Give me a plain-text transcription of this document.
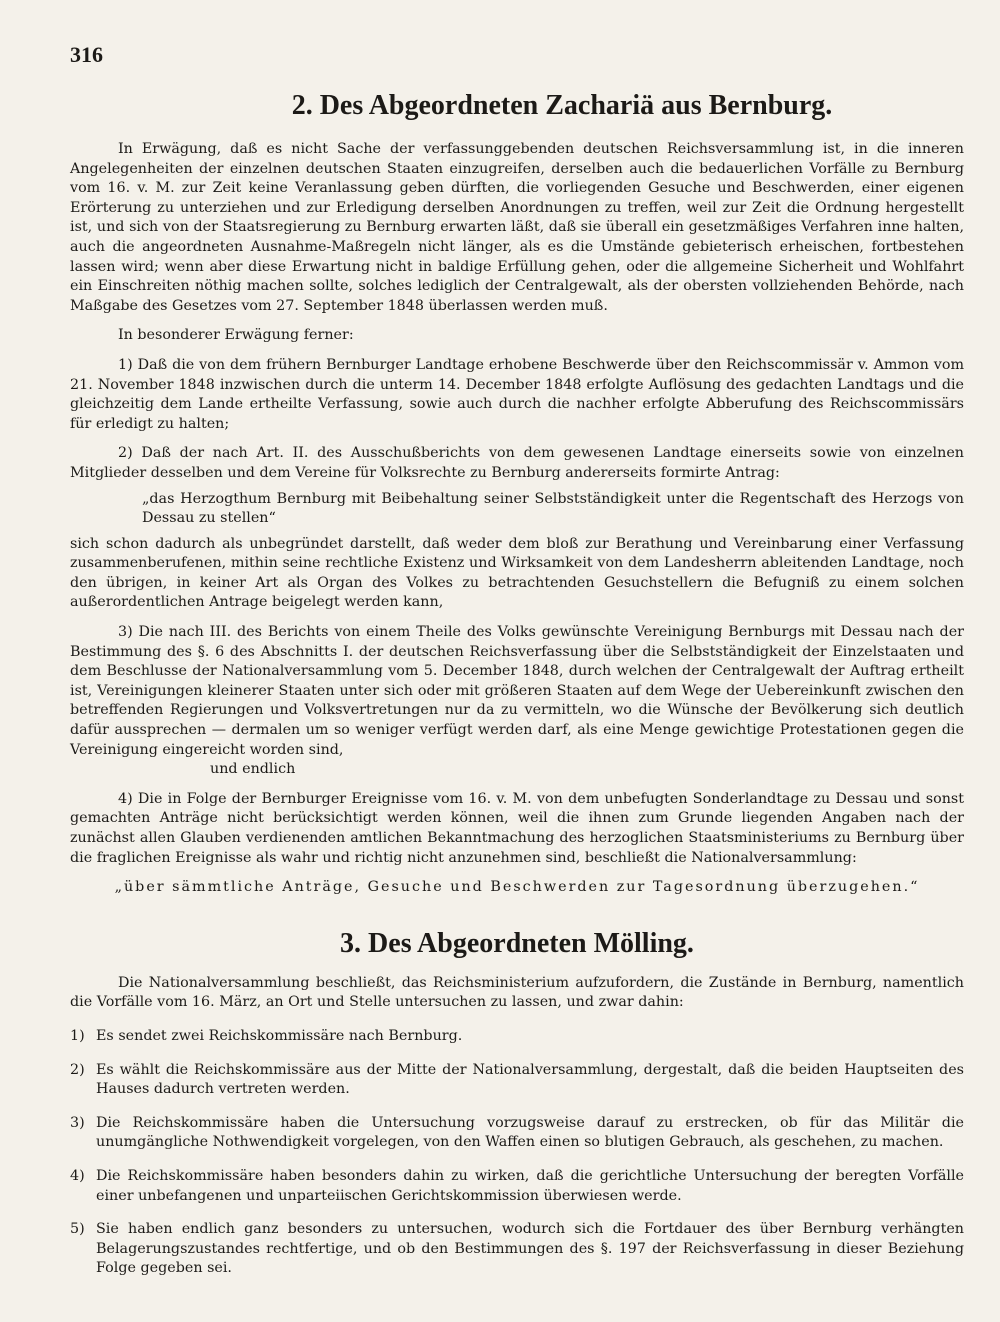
316
2. Des Abgeordneten Zachariä aus Bernburg.

In Erwägung, daß es nicht Sache der verfassunggebenden deutschen Reichsversammlung ist, in die inneren Angelegenheiten der einzelnen deutschen Staaten einzugreifen, derselben auch die bedauerlichen Vorfälle zu Bernburg vom 16. v. M. zur Zeit keine Veranlassung geben dürften, die vorliegenden Gesuche und Beschwerden, einer eigenen Erörterung zu unterziehen und zur Erledigung derselben Anordnungen zu treffen, weil zur Zeit die Ordnung hergestellt ist, und sich von der Staatsregierung zu Bernburg erwarten läßt, daß sie überall ein gesetzmäßiges Verfahren inne halten, auch die angeordneten Ausnahme-Maßregeln nicht länger, als es die Umstände gebieterisch erheischen, fortbestehen lassen wird; wenn aber diese Erwartung nicht in baldige Erfüllung gehen, oder die allgemeine Sicherheit und Wohlfahrt ein Einschreiten nöthig machen sollte, solches lediglich der Centralgewalt, als der obersten vollziehenden Behörde, nach Maßgabe des Gesetzes vom 27. September 1848 überlassen werden muß.

In besonderer Erwägung ferner:

1) Daß die von dem frühern Bernburger Landtage erhobene Beschwerde über den Reichscommissär v. Ammon vom 21. November 1848 inzwischen durch die unterm 14. December 1848 erfolgte Auflösung des gedachten Landtags und die gleichzeitig dem Lande ertheilte Verfassung, sowie auch durch die nachher erfolgte Abberufung des Reichscommissärs für erledigt zu halten;

2) Daß der nach Art. II. des Ausschußberichts von dem gewesenen Landtage einerseits sowie von einzelnen Mitglieder desselben und dem Vereine für Volksrechte zu Bernburg andererseits formirte Antrag:

„das Herzogthum Bernburg mit Beibehaltung seiner Selbstständigkeit unter die Regentschaft des Herzogs von Dessau zu stellen“

sich schon dadurch als unbegründet darstellt, daß weder dem bloß zur Berathung und Vereinbarung einer Verfassung zusammenberufenen, mithin seine rechtliche Existenz und Wirksamkeit von dem Landesherrn ableitenden Landtage, noch den übrigen, in keiner Art als Organ des Volkes zu betrachtenden Gesuchstellern die Befugniß zu einem solchen außerordentlichen Antrage beigelegt werden kann,

3) Die nach III. des Berichts von einem Theile des Volks gewünschte Vereinigung Bernburgs mit Dessau nach der Bestimmung des §. 6 des Abschnitts I. der deutschen Reichsverfassung über die Selbstständigkeit der Einzelstaaten und dem Beschlusse der Nationalversammlung vom 5. December 1848, durch welchen der Centralgewalt der Auftrag ertheilt ist, Vereinigungen kleinerer Staaten unter sich oder mit größeren Staaten auf dem Wege der Uebereinkunft zwischen den betreffenden Regierungen und Volksvertretungen nur da zu vermitteln, wo die Wünsche der Bevölkerung sich deutlich dafür aussprechen — dermalen um so weniger verfügt werden darf, als eine Menge gewichtige Protestationen gegen die Vereinigung eingereicht worden sind,

und endlich

4) Die in Folge der Bernburger Ereignisse vom 16. v. M. von dem unbefugten Sonderlandtage zu Dessau und sonst gemachten Anträge nicht berücksichtigt werden können, weil die ihnen zum Grunde liegenden Angaben nach der zunächst allen Glauben verdienenden amtlichen Bekanntmachung des herzoglichen Staatsministeriums zu Bernburg über die fraglichen Ereignisse als wahr und richtig nicht anzunehmen sind, beschließt die Nationalversammlung:

„über sämmtliche Anträge, Gesuche und Beschwerden zur Tagesordnung überzugehen.“

3. Des Abgeordneten Mölling.

Die Nationalversammlung beschließt, das Reichsministerium aufzufordern, die Zustände in Bernburg, namentlich die Vorfälle vom 16. März, an Ort und Stelle untersuchen zu lassen, und zwar dahin:

1) Es sendet zwei Reichskommissäre nach Bernburg.
2) Es wählt die Reichskommissäre aus der Mitte der Nationalversammlung, dergestalt, daß die beiden Hauptseiten des Hauses dadurch vertreten werden.
3) Die Reichskommissäre haben die Untersuchung vorzugsweise darauf zu erstrecken, ob für das Militär die unumgängliche Nothwendigkeit vorgelegen, von den Waffen einen so blutigen Gebrauch, als geschehen, zu machen.
4) Die Reichskommissäre haben besonders dahin zu wirken, daß die gerichtliche Untersuchung der beregten Vorfälle einer unbefangenen und unparteiischen Gerichtskommission überwiesen werde.
5) Sie haben endlich ganz besonders zu untersuchen, wodurch sich die Fortdauer des über Bernburg verhängten Belagerungszustandes rechtfertige, und ob den Bestimmungen des §. 197 der Reichsverfassung in dieser Beziehung Folge gegeben sei.
